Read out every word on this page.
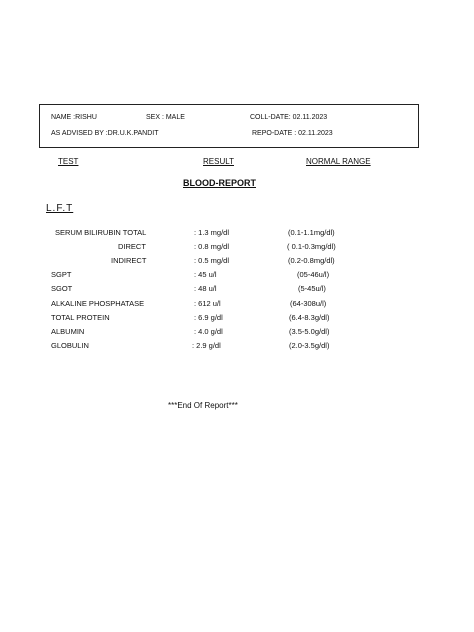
NAME :RISHU	SEX : MALE	COLL-DATE: 02.11.2023
AS ADVISED BY :DR.U.K.PANDIT	REPO-DATE : 02.11.2023
TEST	RESULT	NORMAL RANGE
BLOOD-REPORT
L.F.T
SERUM BILIRUBIN TOTAL	: 1.3 mg/dl	(0.1-1.1mg/dl)
DIRECT	: 0.8 mg/dl	( 0.1-0.3mg/dl)
INDIRECT	: 0.5 mg/dl	(0.2-0.8mg/dl)
SGPT	: 45 u/l	(05-46u/l)
SGOT	: 48 u/l	(5-45u/l)
ALKALINE PHOSPHATASE	: 612 u/l	(64-308u/l)
TOTAL PROTEIN	: 6.9 g/dl	(6.4-8.3g/dl)
ALBUMIN	: 4.0 g/dl	(3.5-5.0g/dl)
GLOBULIN	: 2.9 g/dl	(2.0-3.5g/dl)
***End Of Report***
